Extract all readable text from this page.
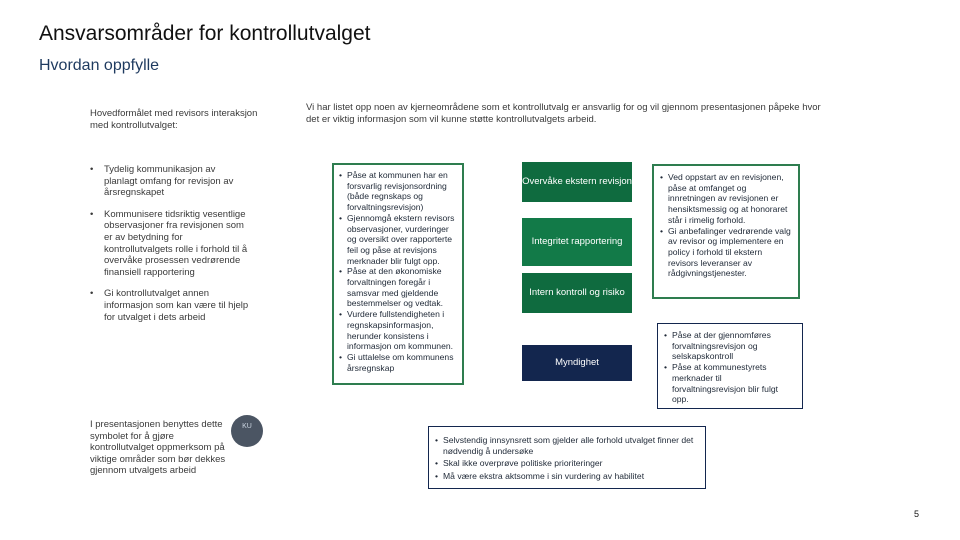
Ansvarsområder for kontrollutvalget
Hvordan oppfylle
Hovedformålet med revisors interaksjon med kontrollutvalget:
• Tydelig kommunikasjon av planlagt omfang for revisjon av årsregnskapet
• Kommunisere tidsriktig vesentlige observasjoner fra revisjonen som er av betydning for kontrollutvalgets rolle i forhold til å overvåke prosessen vedrørende finansiell rapportering
• Gi kontrollutvalget annen informasjon som kan være til hjelp for utvalget i dets arbeid
I presentasjonen benyttes dette symbolet for å gjøre kontrollutvalget oppmerksom på viktige områder som bør dekkes gjennom utvalgets arbeid
KU
Vi har listet opp noen av kjerneområdene som et kontrollutvalg er ansvarlig for og vil gjennom presentasjonen påpeke hvor det er viktig informasjon som vil kunne støtte kontrollutvalgets arbeid.
• Påse at kommunen har en forsvarlig revisjonsordning (både regnskaps og forvaltningsrevisjon)
• Gjennomgå ekstern revisors observasjoner, vurderinger og oversikt over rapporterte feil og påse at revisjons merknader blir fulgt opp.
• Påse at den økonomiske forvaltningen foregår i samsvar med gjeldende bestemmelser og vedtak.
• Vurdere fullstendigheten i regnskapsinformasjon, herunder konsistens i informasjon om kommunen.
• Gi uttalelse om kommunens årsregnskap
Overvåke ekstern revisjon
Integritet rapportering
Intern kontroll og risiko
Myndighet
• Ved oppstart av en revisjonen, påse at omfanget og innretningen av revisjonen er hensiktsmessig og at honoraret står i rimelig forhold.
• Gi anbefalinger vedrørende valg av revisor og implementere en policy i forhold til ekstern revisors leveranser av rådgivningstjenester.
• Påse at der gjennomføres forvaltningsrevisjon og selskapskontroll
• Påse at kommunestyrets merknader til forvaltningsrevisjon blir fulgt opp.
• Selvstendig innsynsrett som gjelder alle forhold utvalget finner det nødvendig å undersøke
• Skal ikke overprøve politiske prioriteringer
• Må være ekstra aktsomme i sin vurdering av habilitet
5
